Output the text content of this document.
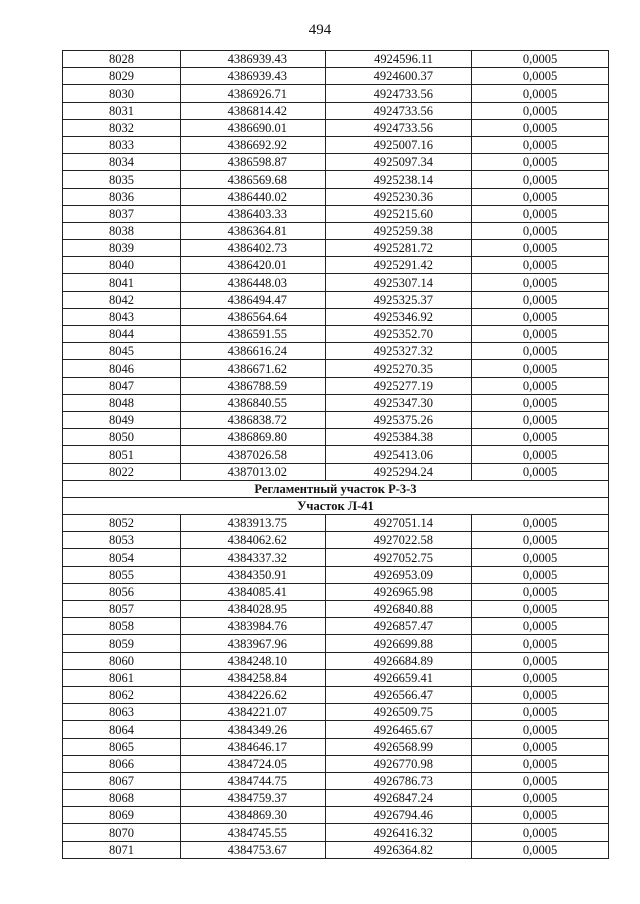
494
8028	4386939.43	4924596.11	0,0005
8029	4386939.43	4924600.37	0,0005
8030	4386926.71	4924733.56	0,0005
8031	4386814.42	4924733.56	0,0005
8032	4386690.01	4924733.56	0,0005
8033	4386692.92	4925007.16	0,0005
8034	4386598.87	4925097.34	0,0005
8035	4386569.68	4925238.14	0,0005
8036	4386440.02	4925230.36	0,0005
8037	4386403.33	4925215.60	0,0005
8038	4386364.81	4925259.38	0,0005
8039	4386402.73	4925281.72	0,0005
8040	4386420.01	4925291.42	0,0005
8041	4386448.03	4925307.14	0,0005
8042	4386494.47	4925325.37	0,0005
8043	4386564.64	4925346.92	0,0005
8044	4386591.55	4925352.70	0,0005
8045	4386616.24	4925327.32	0,0005
8046	4386671.62	4925270.35	0,0005
8047	4386788.59	4925277.19	0,0005
8048	4386840.55	4925347.30	0,0005
8049	4386838.72	4925375.26	0,0005
8050	4386869.80	4925384.38	0,0005
8051	4387026.58	4925413.06	0,0005
8022	4387013.02	4925294.24	0,0005
Регламентный участок Р-3-3			
Участок Л-41			
8052	4383913.75	4927051.14	0,0005
8053	4384062.62	4927022.58	0,0005
8054	4384337.32	4927052.75	0,0005
8055	4384350.91	4926953.09	0,0005
8056	4384085.41	4926965.98	0,0005
8057	4384028.95	4926840.88	0,0005
8058	4383984.76	4926857.47	0,0005
8059	4383967.96	4926699.88	0,0005
8060	4384248.10	4926684.89	0,0005
8061	4384258.84	4926659.41	0,0005
8062	4384226.62	4926566.47	0,0005
8063	4384221.07	4926509.75	0,0005
8064	4384349.26	4926465.67	0,0005
8065	4384646.17	4926568.99	0,0005
8066	4384724.05	4926770.98	0,0005
8067	4384744.75	4926786.73	0,0005
8068	4384759.37	4926847.24	0,0005
8069	4384869.30	4926794.46	0,0005
8070	4384745.55	4926416.32	0,0005
8071	4384753.67	4926364.82	0,0005
